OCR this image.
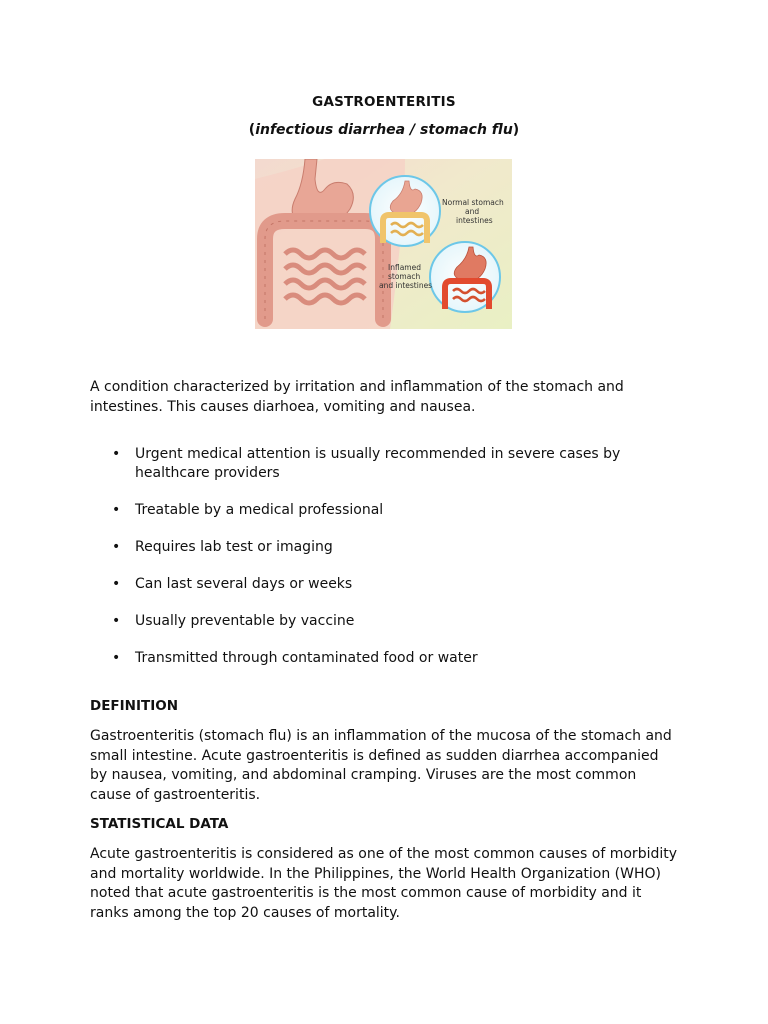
GASTROENTERITIS
(infectious diarrhea / stomach flu)
Normal stomach
and
intestines
Inflamed
stomach
and intestines
A condition characterized by irritation and inflammation of the stomach and intestines. This causes diarhoea, vomiting and nausea.
• Urgent medical attention is usually recommended in severe cases by healthcare providers
• Treatable by a medical professional
• Requires lab test or imaging
• Can last several days or weeks
• Usually preventable by vaccine
• Transmitted through contaminated food or water
DEFINITION
Gastroenteritis (stomach flu) is an inflammation of the mucosa of the stomach and small intestine. Acute gastroenteritis is defined as sudden diarrhea accompanied by nausea, vomiting, and abdominal cramping. Viruses are the most common cause of gastroenteritis.
STATISTICAL DATA
Acute gastroenteritis is considered as one of the most common causes of morbidity and mortality worldwide. In the Philippines, the World Health Organization (WHO) noted that acute gastroenteritis is the most common cause of morbidity and it ranks among the top 20 causes of mortality.
